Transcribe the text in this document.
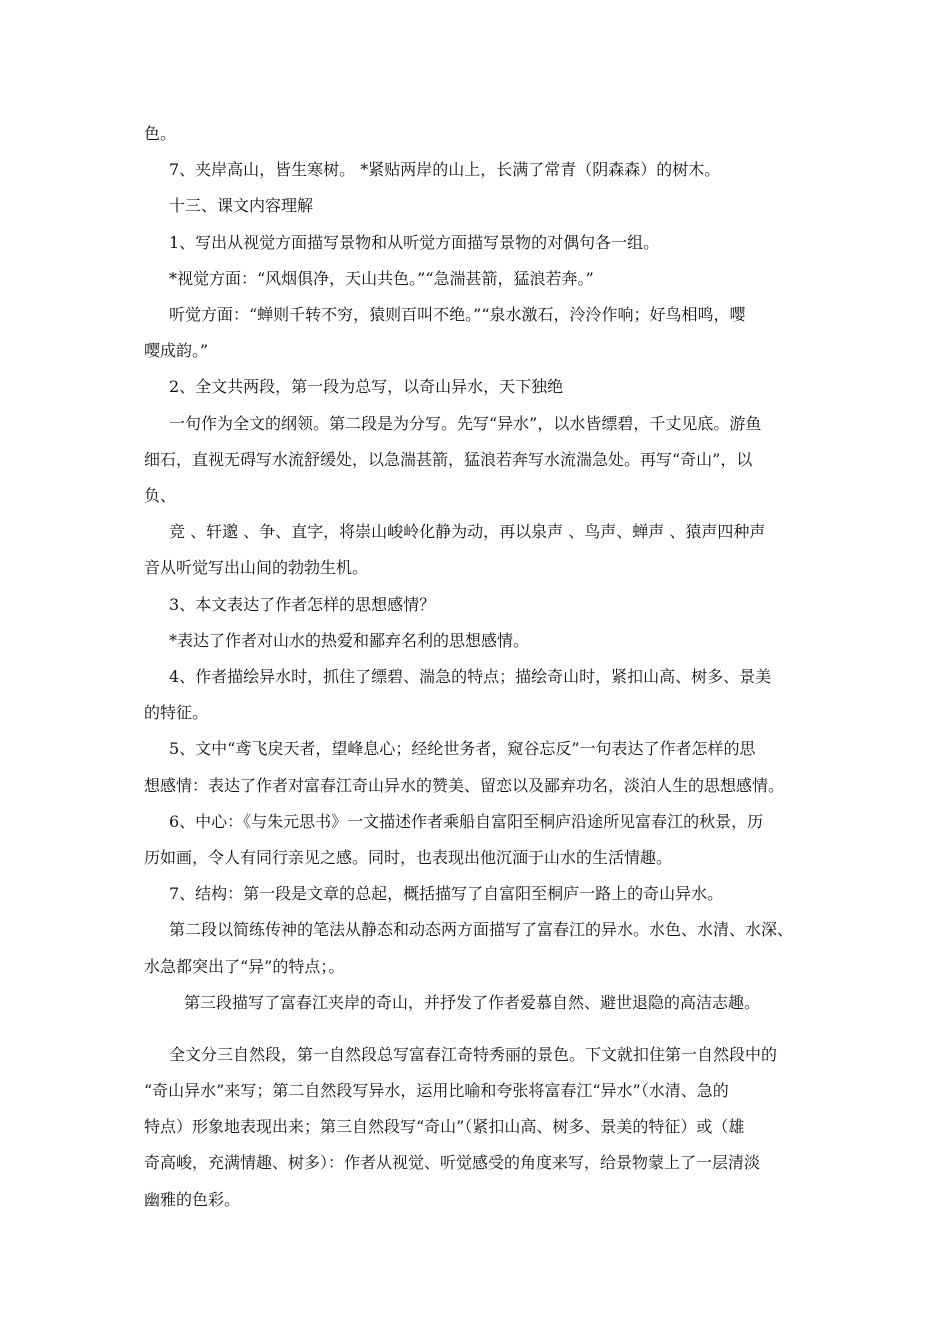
色。
7、夹岸高山，皆生寒树。 *紧贴两岸的山上，长满了常青（阴森森）的树木。
十三、课文内容理解
1、写出从视觉方面描写景物和从听觉方面描写景物的对偶句各一组。
*视觉方面：“风烟俱净，天山共色。”“急湍甚箭，猛浪若奔。”
听觉方面：“蝉则千转不穷，猿则百叫不绝。”“泉水激石，泠泠作响；好鸟相鸣，嘤
嘤成韵。”
2、全文共两段，第一段为总写，以奇山异水，天下独绝
一句作为全文的纲领。第二段是为分写。先写“异水”，以水皆缥碧，千丈见底。游鱼
细石，直视无碍写水流舒缓处，以急湍甚箭，猛浪若奔写水流湍急处。再写“奇山”，以
负、
竞 、轩邈 、争、直字，将崇山峻岭化静为动，再以泉声 、鸟声、蝉声 、猿声四种声
音从听觉写出山间的勃勃生机。
3、本文表达了作者怎样的思想感情？
*表达了作者对山水的热爱和鄙弃名利的思想感情。
4、作者描绘异水时，抓住了缥碧、湍急的特点；描绘奇山时，紧扣山高、树多、景美
的特征。
5、文中“鸢飞戾天者，望峰息心；经纶世务者，窥谷忘反”一句表达了作者怎样的思
想感情：表达了作者对富春江奇山异水的赞美、留恋以及鄙弃功名，淡泊人生的思想感情。
6、中心：《与朱元思书》一文描述作者乘船自富阳至桐庐沿途所见富春江的秋景，历
历如画，令人有同行亲见之感。同时，也表现出他沉湎于山水的生活情趣。
7、结构：第一段是文章的总起，概括描写了自富阳至桐庐一路上的奇山异水。
第二段以简练传神的笔法从静态和动态两方面描写了富春江的异水。水色、水清、水深、
水急都突出了“异”的特点；。
第三段描写了富春江夹岸的奇山，并抒发了作者爱慕自然、避世退隐的高洁志趣。
全文分三自然段，第一自然段总写富春江奇特秀丽的景色。下文就扣住第一自然段中的
“奇山异水”来写；第二自然段写异水，运用比喻和夸张将富春江“异水”（水清、急的
特点）形象地表现出来；第三自然段写“奇山”（紧扣山高、树多、景美的特征）或（雄
奇高峻，充满情趣、树多）：作者从视觉、听觉感受的角度来写，给景物蒙上了一层清淡
幽雅的色彩。
